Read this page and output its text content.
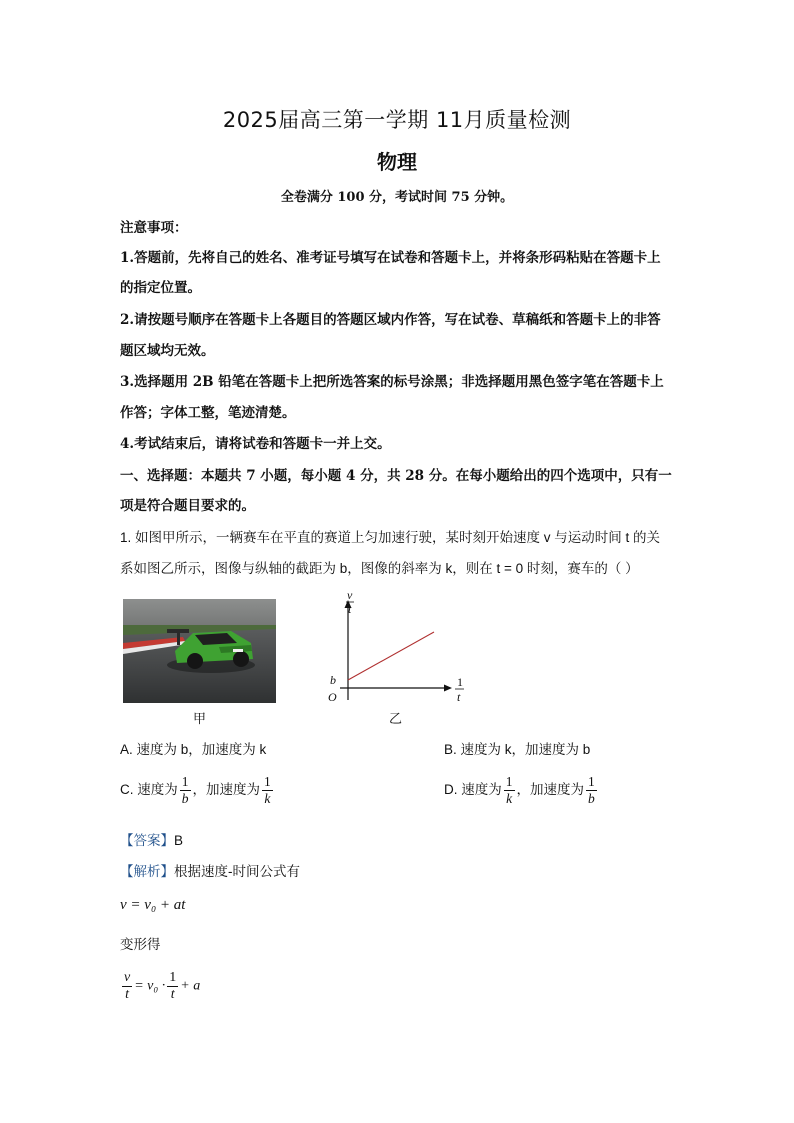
2025届高三第一学期 11月质量检测
物理
全卷满分 100 分，考试时间 75 分钟。
注意事项：
1.答题前，先将自己的姓名、准考证号填写在试卷和答题卡上，并将条形码粘贴在答题卡上
的指定位置。
2.请按题号顺序在答题卡上各题目的答题区域内作答，写在试卷、草稿纸和答题卡上的非答
题区域均无效。
3.选择题用 2B 铅笔在答题卡上把所选答案的标号涂黑；非选择题用黑色签字笔在答题卡上
作答；字体工整，笔迹清楚。
4.考试结束后，请将试卷和答题卡一并上交。
一、选择题：本题共 7 小题，每小题 4 分，共 28 分。在每小题给出的四个选项中，只有一
项是符合题目要求的。
1. 如图甲所示，一辆赛车在平直的赛道上匀加速行驶，某时刻开始速度 v 与运动时间 t 的关
系如图乙所示，图像与纵轴的截距为 b，图像的斜率为 k，则在 t = 0 时刻，赛车的（ ）
甲
v
t
1
t
b
O
乙
A. 速度为 b，加速度为 k	B. 速度为 k，加速度为 b
C. 速度为 $\frac{1}{b}$ ，加速度为 $\frac{1}{k}$	D. 速度为 $\frac{1}{k}$ ，加速度为 $\frac{1}{b}$
【答案】B
【解析】根据速度-时间公式有
v = v₀ + at
变形得
$\frac{v}{t} = v_0 \cdot \frac{1}{t} + a$
